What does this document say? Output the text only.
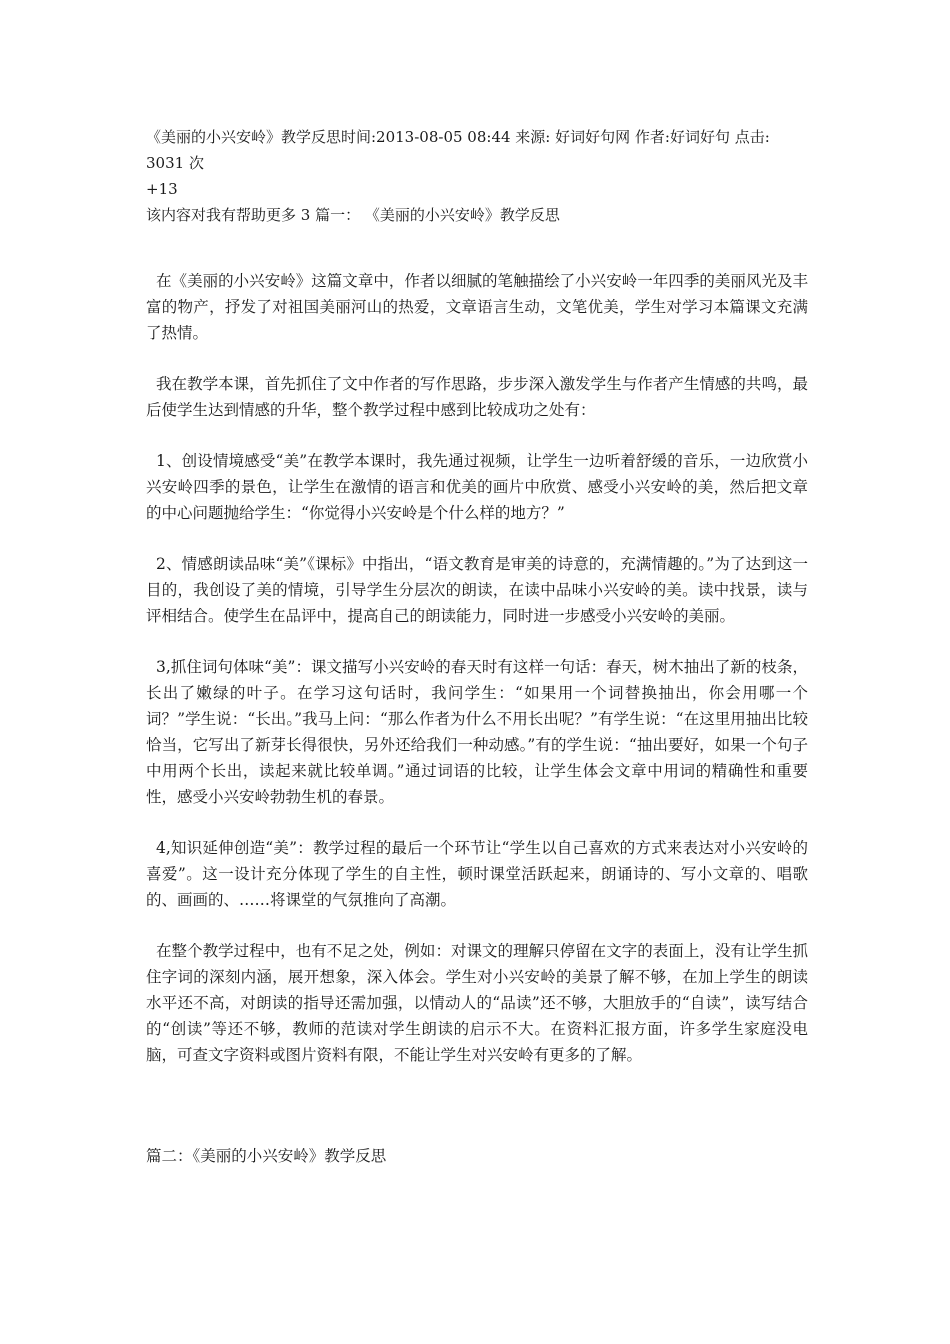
《美丽的小兴安岭》教学反思时间:2013-08-05 08:44 来源: 好词好句网 作者:好词好句 点击:

3031 次

+13

该内容对我有帮助更多 3 篇一： 《美丽的小兴安岭》教学反思

在《美丽的小兴安岭》这篇文章中，作者以细腻的笔触描绘了小兴安岭一年四季的美丽风光及丰富的物产，抒发了对祖国美丽河山的热爱，文章语言生动，文笔优美，学生对学习本篇课文充满了热情。

我在教学本课，首先抓住了文中作者的写作思路，步步深入激发学生与作者产生情感的共鸣，最后使学生达到情感的升华，整个教学过程中感到比较成功之处有：

1、创设情境感受“美”在教学本课时，我先通过视频，让学生一边听着舒缓的音乐，一边欣赏小兴安岭四季的景色，让学生在激情的语言和优美的画片中欣赏、感受小兴安岭的美，然后把文章的中心问题抛给学生：“你觉得小兴安岭是个什么样的地方？”

2、情感朗读品味“美”《课标》中指出，“语文教育是审美的诗意的，充满情趣的。”为了达到这一目的，我创设了美的情境，引导学生分层次的朗读，在读中品味小兴安岭的美。读中找景，读与评相结合。使学生在品评中，提高自己的朗读能力，同时进一步感受小兴安岭的美丽。

3,抓住词句体味“美”：课文描写小兴安岭的春天时有这样一句话：春天，树木抽出了新的枝条，长出了嫩绿的叶子。在学习这句话时，我问学生：“如果用一个词替换抽出，你会用哪一个词？”学生说：“长出。”我马上问：“那么作者为什么不用长出呢？”有学生说：“在这里用抽出比较恰当，它写出了新芽长得很快，另外还给我们一种动感。”有的学生说：“抽出要好，如果一个句子中用两个长出，读起来就比较单调。”通过词语的比较，让学生体会文章中用词的精确性和重要性，感受小兴安岭勃勃生机的春景。

4,知识延伸创造“美”：教学过程的最后一个环节让“学生以自己喜欢的方式来表达对小兴安岭的喜爱”。这一设计充分体现了学生的自主性，顿时课堂活跃起来，朗诵诗的、写小文章的、唱歌的、画画的、……将课堂的气氛推向了高潮。

在整个教学过程中，也有不足之处，例如：对课文的理解只停留在文字的表面上，没有让学生抓住字词的深刻内涵，展开想象，深入体会。学生对小兴安岭的美景了解不够，在加上学生的朗读水平还不高，对朗读的指导还需加强，以情动人的“品读”还不够，大胆放手的“自读”，读写结合的“创读”等还不够，教师的范读对学生朗读的启示不大。在资料汇报方面，许多学生家庭没电脑，可查文字资料或图片资料有限，不能让学生对兴安岭有更多的了解。

篇二：《美丽的小兴安岭》教学反思
